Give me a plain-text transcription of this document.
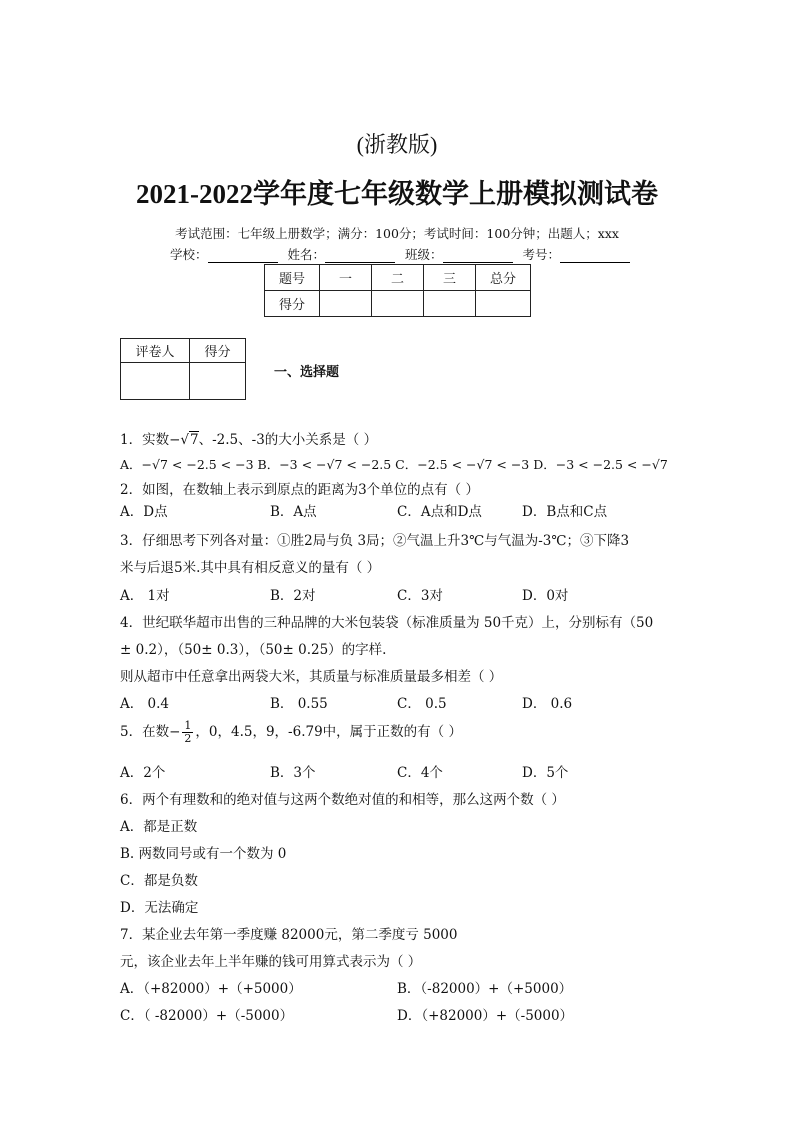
(浙教版)
2021-2022学年度七年级数学上册模拟测试卷
考试范围：七年级上册数学；满分：100分；考试时间：100分钟；出题人；xxx
学校：	姓名：	班级：	考号：
题号	一	二	三	总分
得分				
评卷人	得分

一、选择题
1．实数−√7、-2.5、-3的大小关系是（ ）
A．−√7 < −2.5 < −3 B．−3 < −√7 < −2.5 C．−2.5 < −√7 < −3 D．−3 < −2.5 < −√7
2．如图，在数轴上表示到原点的距离为3个单位的点有（ ）
A．D点	B．A点	C．A点和D点	D．B点和C点
3．仔细思考下列各对量：①胜2局与负 3局；②气温上升3℃与气温为-3℃；③下降3
米与后退5米.其中具有相反意义的量有（ ）
A． 1对	B．2对	C．3对	D．0对
4．世纪联华超市出售的三种品牌的大米包装袋（标准质量为 50千克）上，分别标有（50
± 0.2），（50± 0.3），（50± 0.25）的字样.
则从超市中任意拿出两袋大米，其质量与标准质量最多相差（ ）
A． 0.4	B． 0.55	C． 0.5	D． 0.6
5．在数− $\frac{1}{2}$ ，0，4.5，9，-6.79中，属于正数的有（ ）
A．2个	B．3个	C．4个	D．5个
6．两个有理数和的绝对值与这两个数绝对值的和相等，那么这两个数（ ）
A．都是正数
B. 两数同号或有一个数为 0
C．都是负数
D．无法确定
7．某企业去年第一季度赚 82000元，第二季度亏 5000
元，该企业去年上半年赚的钱可用算式表示为（ ）
A．（+82000）+（+5000）	B．（-82000）+（+5000）
C．（ -82000）+（-5000）	D．（+82000）+（-5000）
